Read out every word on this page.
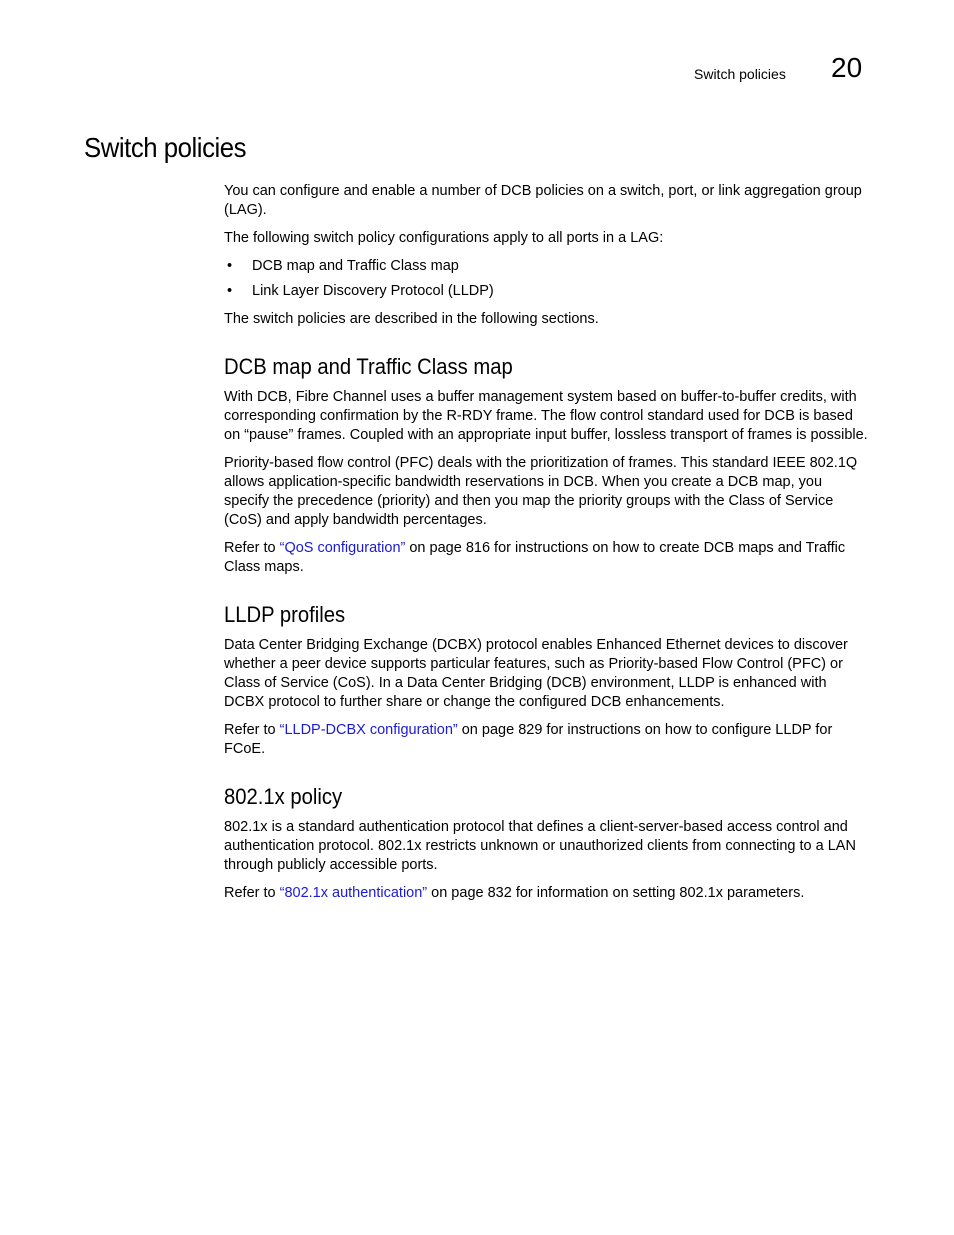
Switch policies 20
Switch policies

You can configure and enable a number of DCB policies on a switch, port, or link aggregation group (LAG).

The following switch policy configurations apply to all ports in a LAG:

• DCB map and Traffic Class map
• Link Layer Discovery Protocol (LLDP)

The switch policies are described in the following sections.

DCB map and Traffic Class map

With DCB, Fibre Channel uses a buffer management system based on buffer-to-buffer credits, with corresponding confirmation by the R-RDY frame. The flow control standard used for DCB is based on “pause” frames. Coupled with an appropriate input buffer, lossless transport of frames is possible.

Priority-based flow control (PFC) deals with the prioritization of frames. This standard IEEE 802.1Q allows application-specific bandwidth reservations in DCB. When you create a DCB map, you specify the precedence (priority) and then you map the priority groups with the Class of Service (CoS) and apply bandwidth percentages.

Refer to “QoS configuration” on page 816 for instructions on how to create DCB maps and Traffic Class maps.

LLDP profiles

Data Center Bridging Exchange (DCBX) protocol enables Enhanced Ethernet devices to discover whether a peer device supports particular features, such as Priority-based Flow Control (PFC) or Class of Service (CoS). In a Data Center Bridging (DCB) environment, LLDP is enhanced with DCBX protocol to further share or change the configured DCB enhancements.

Refer to “LLDP-DCBX configuration” on page 829 for instructions on how to configure LLDP for FCoE.

802.1x policy

802.1x is a standard authentication protocol that defines a client-server-based access control and authentication protocol. 802.1x restricts unknown or unauthorized clients from connecting to a LAN through publicly accessible ports.

Refer to “802.1x authentication” on page 832 for information on setting 802.1x parameters.
